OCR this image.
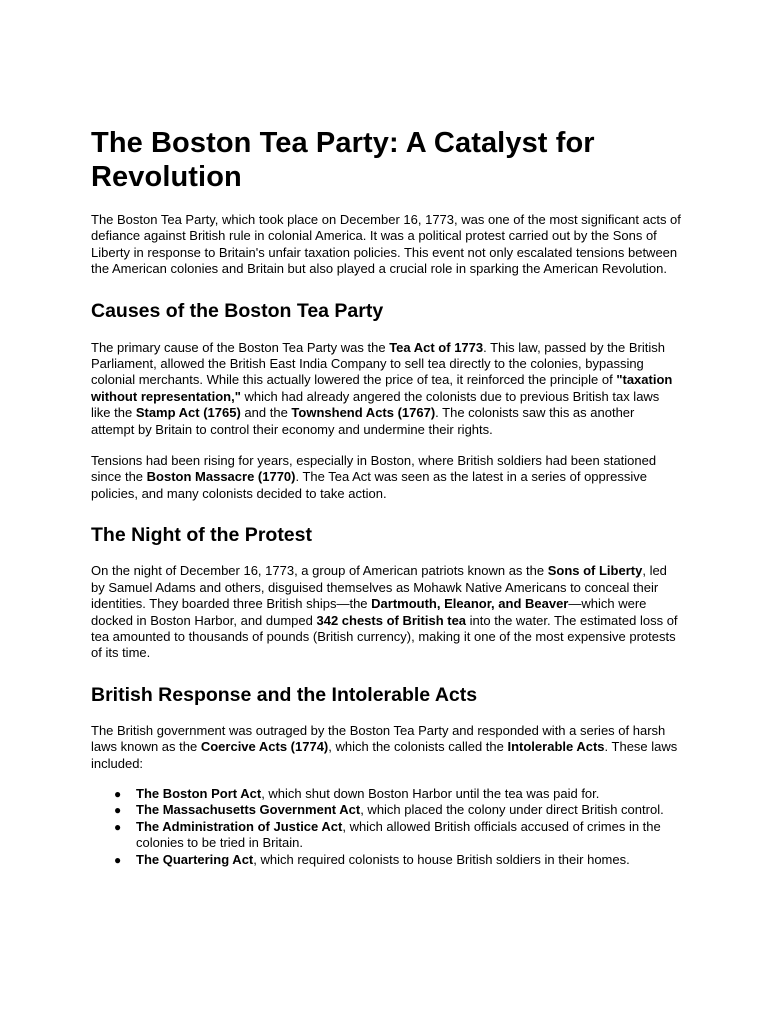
The Boston Tea Party: A Catalyst for Revolution

The Boston Tea Party, which took place on December 16, 1773, was one of the most significant acts of defiance against British rule in colonial America. It was a political protest carried out by the Sons of Liberty in response to Britain's unfair taxation policies. This event not only escalated tensions between the American colonies and Britain but also played a crucial role in sparking the American Revolution.

Causes of the Boston Tea Party

The primary cause of the Boston Tea Party was the Tea Act of 1773. This law, passed by the British Parliament, allowed the British East India Company to sell tea directly to the colonies, bypassing colonial merchants. While this actually lowered the price of tea, it reinforced the principle of "taxation without representation," which had already angered the colonists due to previous British tax laws like the Stamp Act (1765) and the Townshend Acts (1767). The colonists saw this as another attempt by Britain to control their economy and undermine their rights.

Tensions had been rising for years, especially in Boston, where British soldiers had been stationed since the Boston Massacre (1770). The Tea Act was seen as the latest in a series of oppressive policies, and many colonists decided to take action.

The Night of the Protest

On the night of December 16, 1773, a group of American patriots known as the Sons of Liberty, led by Samuel Adams and others, disguised themselves as Mohawk Native Americans to conceal their identities. They boarded three British ships—the Dartmouth, Eleanor, and Beaver—which were docked in Boston Harbor, and dumped 342 chests of British tea into the water. The estimated loss of tea amounted to thousands of pounds (British currency), making it one of the most expensive protests of its time.

British Response and the Intolerable Acts

The British government was outraged by the Boston Tea Party and responded with a series of harsh laws known as the Coercive Acts (1774), which the colonists called the Intolerable Acts. These laws included:

● The Boston Port Act, which shut down Boston Harbor until the tea was paid for.
● The Massachusetts Government Act, which placed the colony under direct British control.
● The Administration of Justice Act, which allowed British officials accused of crimes in the colonies to be tried in Britain.
● The Quartering Act, which required colonists to house British soldiers in their homes.
